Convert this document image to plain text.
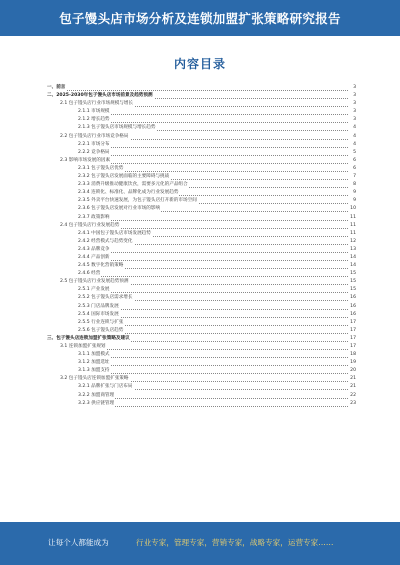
包子馒头店市场分析及连锁加盟扩张策略研究报告
内容目录
一、前言	3
二、2025-2030年包子馒头店市场前景及趋势预测	3
2.1 包子馒头店行业市场规模与增长	3
2.1.1 市场规模	3
2.1.2 增长趋势	3
2.1.3 包子馒头店市场规模与增长趋势	4
2.2 包子馒头店行业市场竞争格局	4
2.2.1 市场分布	4
2.2.2 竞争格局	5
2.3 影响市场发展的因素	6
2.3.1 包子馒头店优势	6
2.3.2 包子馒头店发展面临的主要障碍与挑战	7
2.3.3 消费升级推动健康饮食，需要多元化的产品组合	8
2.3.4 连锁化、标准化、品牌化成为行业发展趋势	9
2.3.5 外卖平台快速发展，为包子馒头店打开新的市场空间	9
2.3.6 包子馒头店发展对行业市场的影响	10
2.3.7 政策影响	11
2.4 包子馒头店行业发展趋势	11
2.4.1 中国包子馒头店市场发展趋势	11
2.4.2 经营模式与趋势变化	12
2.4.3 品牌竞争	13
2.4.4 产品创新	14
2.4.5 数字化营销策略	14
2.4.6 经营	15
2.5 包子馒头店行业发展趋势预测	15
2.5.1 产业发展	15
2.5.2 包子馒头店需求增长	16
2.5.3 门店品牌发展	16
2.5.4 国际市场发展	16
2.5.5 行业连锁与扩张	17
2.5.6 包子馒头店趋势	17
三、包子馒头店连锁加盟扩张策略及建议	17
3.1 连锁加盟扩张规划	17
3.1.1 加盟模式	18
3.1.2 加盟选址	19
3.1.3 加盟支持	20
3.2 包子馒头店连锁加盟扩张策略	21
3.2.1 品牌扩张与门店布局	21
3.2.2 加盟商管理	22
3.2.3 供应链管理	23
让每个人都能成为	行业专家，管理专家，营销专家，战略专家，运营专家……
